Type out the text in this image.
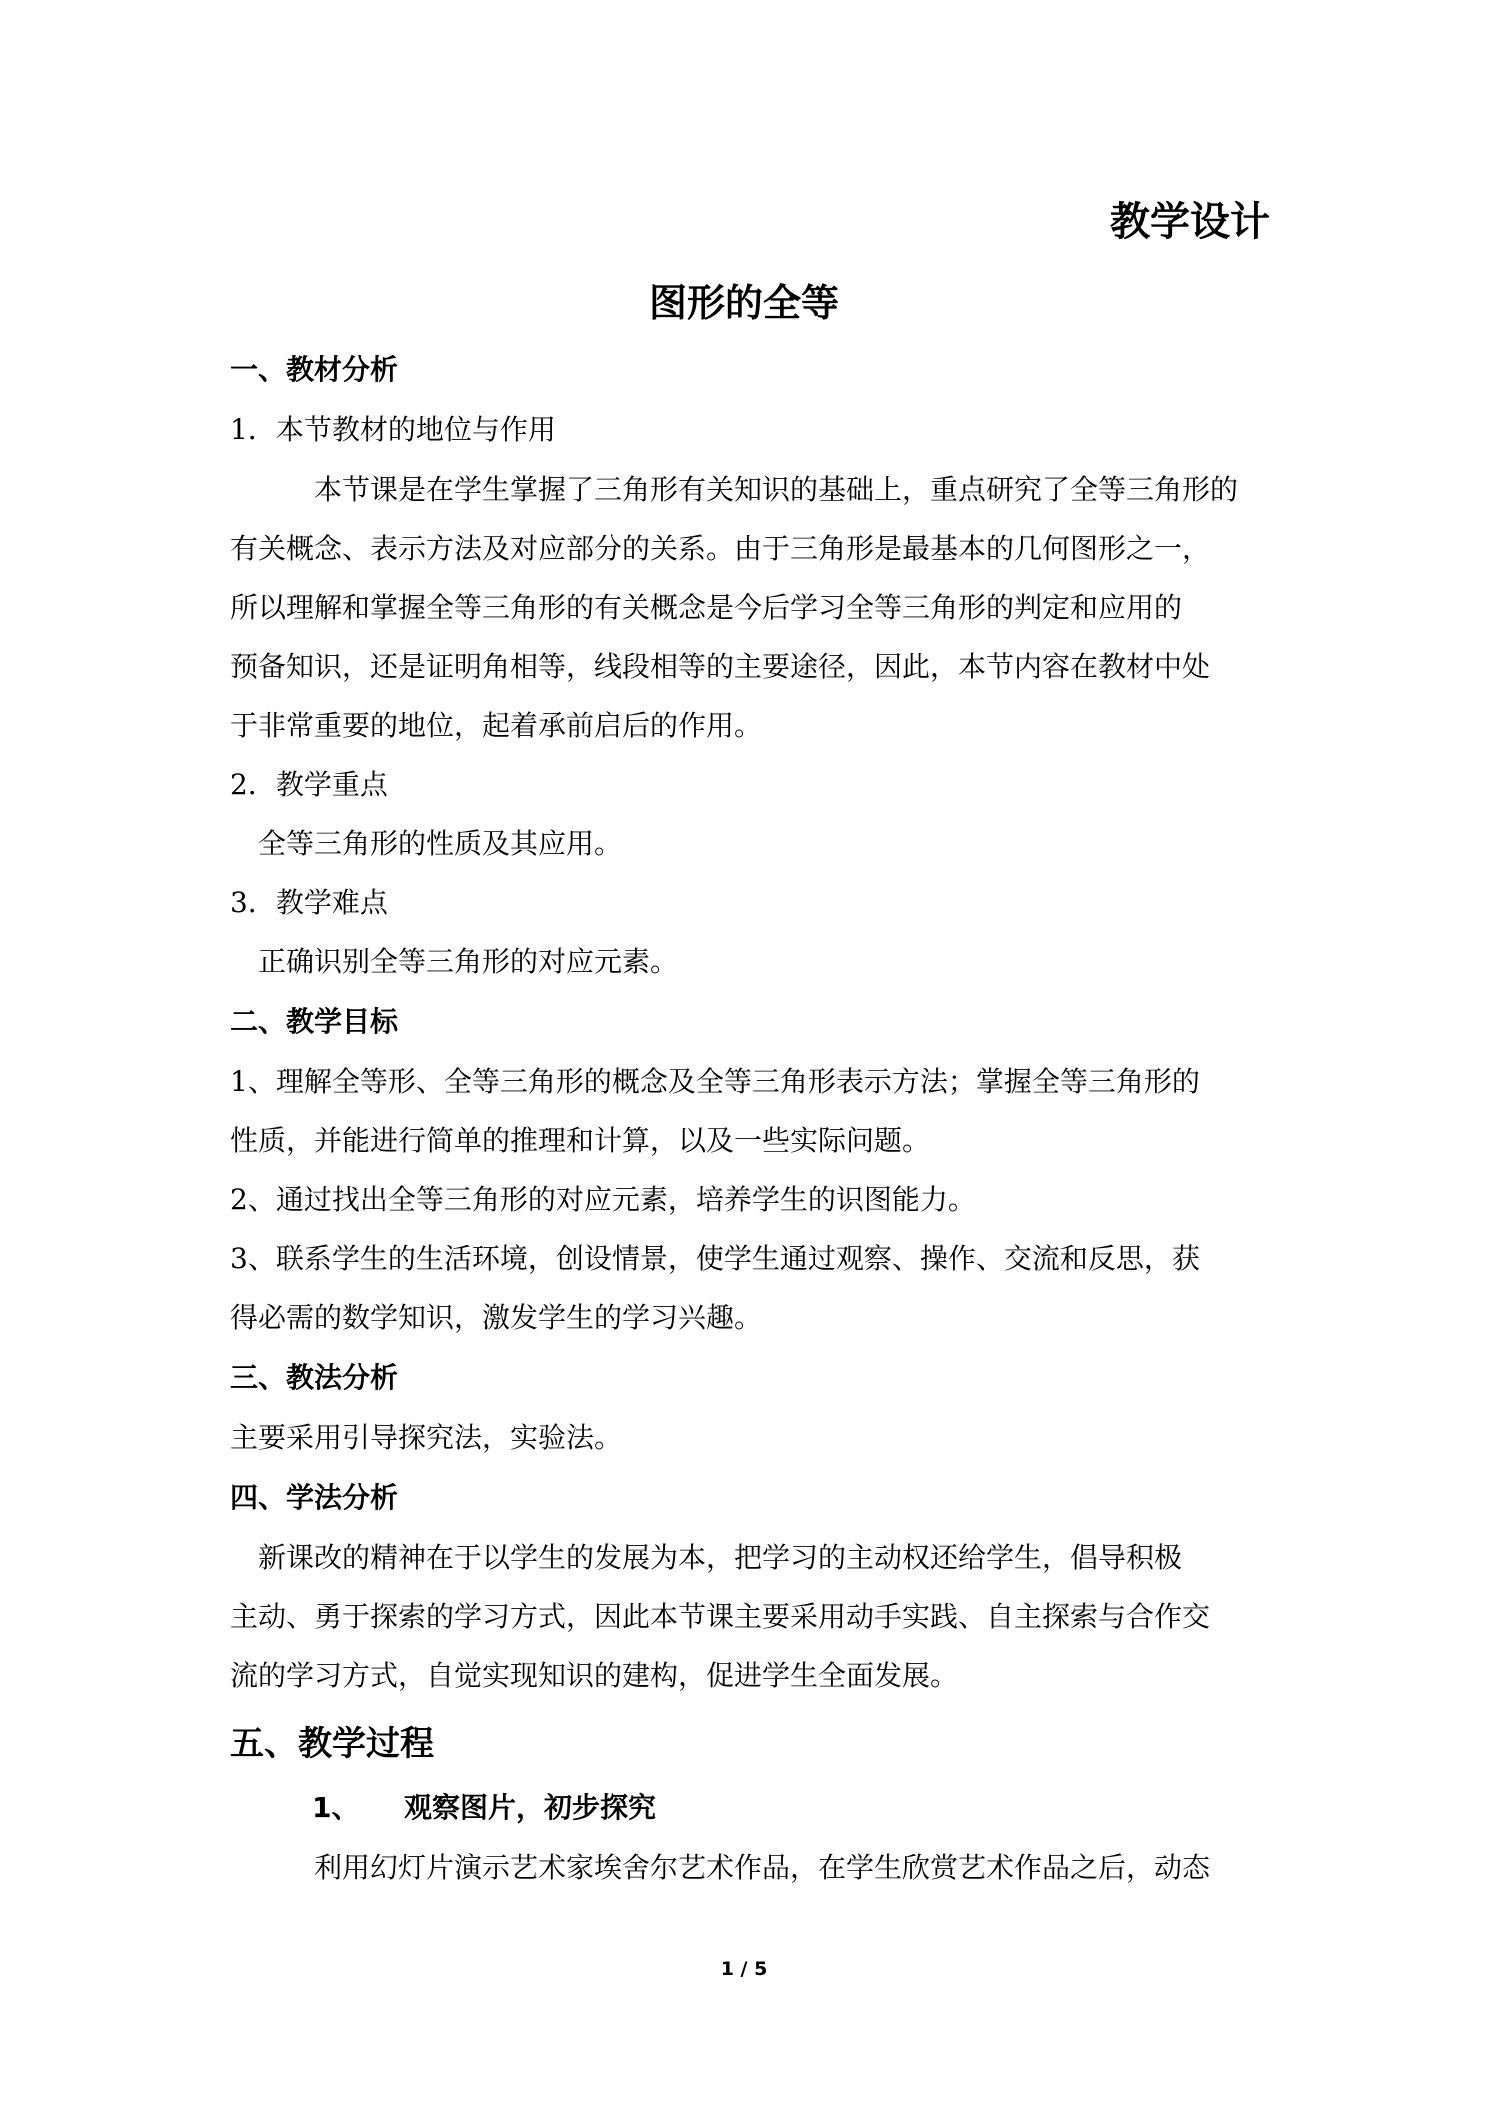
教学设计
图形的全等
一、教材分析
1．本节教材的地位与作用
本节课是在学生掌握了三角形有关知识的基础上，重点研究了全等三角形的
有关概念、表示方法及对应部分的关系。由于三角形是最基本的几何图形之一，
所以理解和掌握全等三角形的有关概念是今后学习全等三角形的判定和应用的
预备知识，还是证明角相等，线段相等的主要途径，因此，本节内容在教材中处
于非常重要的地位，起着承前启后的作用。
2．教学重点
全等三角形的性质及其应用。
3．教学难点
正确识别全等三角形的对应元素。
二、教学目标
1、理解全等形、全等三角形的概念及全等三角形表示方法；掌握全等三角形的
性质，并能进行简单的推理和计算，以及一些实际问题。
2、通过找出全等三角形的对应元素，培养学生的识图能力。
3、联系学生的生活环境，创设情景，使学生通过观察、操作、交流和反思，获
得必需的数学知识，激发学生的学习兴趣。
三、教法分析
主要采用引导探究法，实验法。
四、学法分析
新课改的精神在于以学生的发展为本，把学习的主动权还给学生，倡导积极
主动、勇于探索的学习方式，因此本节课主要采用动手实践、自主探索与合作交
流的学习方式，自觉实现知识的建构，促进学生全面发展。
五、教学过程
1、 观察图片，初步探究
利用幻灯片演示艺术家埃舍尔艺术作品，在学生欣赏艺术作品之后，动态
1 / 5
